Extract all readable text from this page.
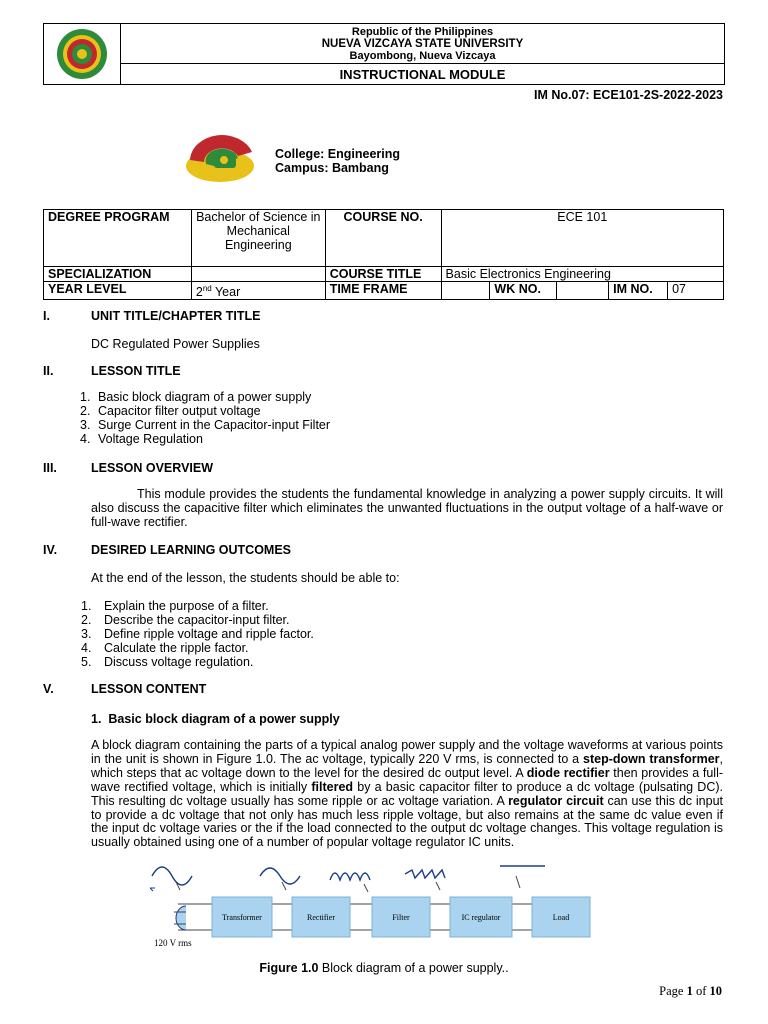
Republic of the Philippines
NUEVA VIZCAYA STATE UNIVERSITY
Bayombong, Nueva Vizcaya
INSTRUCTIONAL MODULE
IM No.07: ECE101-2S-2022-2023
College: Engineering
Campus: Bambang
DEGREE PROGRAM	Bachelor of Science in Mechanical Engineering	COURSE NO.	ECE 101				
SPECIALIZATION		COURSE TITLE	Basic Electronics Engineering				
YEAR LEVEL	2nd Year	TIME FRAME		WK NO.		IM NO.	07
I.	UNIT TITLE/CHAPTER TITLE
DC Regulated Power Supplies
II.	LESSON TITLE
1. Basic block diagram of a power supply
2. Capacitor filter output voltage
3. Surge Current in the Capacitor-input Filter
4. Voltage Regulation
III.	LESSON OVERVIEW
This module provides the students the fundamental knowledge in analyzing a power supply circuits. It will also discuss the capacitive filter which eliminates the unwanted fluctuations in the output voltage of a half-wave or full-wave rectifier.
IV.	DESIRED LEARNING OUTCOMES
At the end of the lesson, the students should be able to:
1. Explain the purpose of a filter.
2. Describe the capacitor-input filter.
3. Define ripple voltage and ripple factor.
4. Calculate the ripple factor.
5. Discuss voltage regulation.
V.	LESSON CONTENT
1.  Basic block diagram of a power supply
A block diagram containing the parts of a typical analog power supply and the voltage waveforms at various points in the unit is shown in Figure 1.0. The ac voltage, typically 220 V rms, is connected to a step-down transformer, which steps that ac voltage down to the level for the desired dc output level. A diode rectifier then provides a full-wave rectified voltage, which is initially filtered by a basic capacitor filter to produce a dc voltage (pulsating DC). This resulting dc voltage usually has some ripple or ac voltage variation. A regulator circuit can use this dc input to provide a dc voltage that not only has much less ripple voltage, but also remains at the same dc value even if the input dc voltage varies or the if the load connected to the output dc voltage changes. This voltage regulation is usually obtained using one of a number of popular voltage regulator IC units.
120 V rms
Transformer	Rectifier	Filter	IC regulator	Load
Figure 1.0 Block diagram of a power supply..
Page 1 of 10
